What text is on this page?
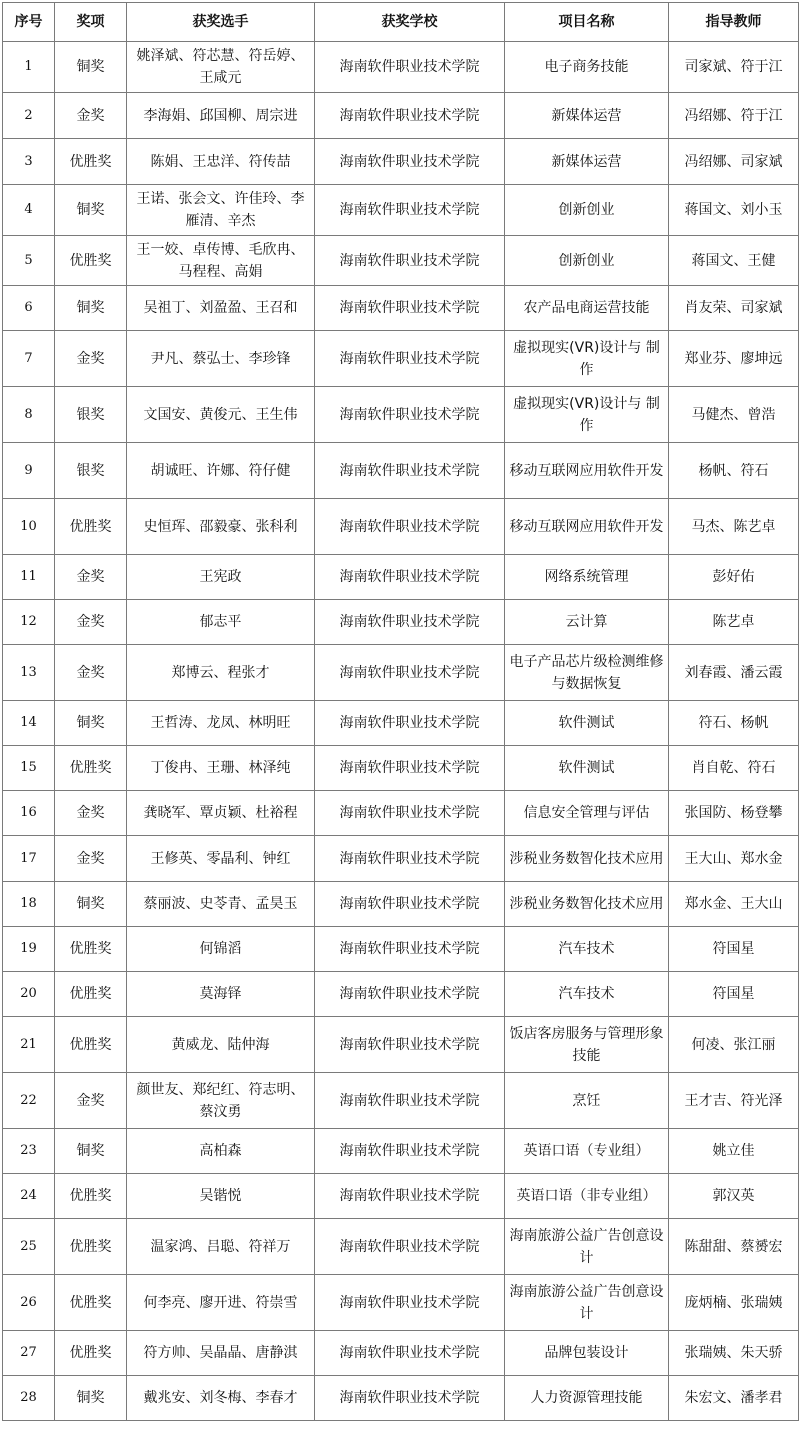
序号	奖项	获奖选手	获奖学校	项目名称	指导教师
1	铜奖	姚泽斌、符芯慧、符岳婷、王咸元	海南软件职业技术学院	电子商务技能	司家斌、符于江
2	金奖	李海娟、邱国柳、周宗进	海南软件职业技术学院	新媒体运营	冯绍娜、符于江
3	优胜奖	陈娟、王忠洋、符传喆	海南软件职业技术学院	新媒体运营	冯绍娜、司家斌
4	铜奖	王诺、张会文、许佳玲、李雁清、辛杰	海南软件职业技术学院	创新创业	蒋国文、刘小玉
5	优胜奖	王一姣、卓传博、毛欣冉、马程程、高娟	海南软件职业技术学院	创新创业	蒋国文、王健
6	铜奖	吴祖丁、刘盈盈、王召和	海南软件职业技术学院	农产品电商运营技能	肖友荣、司家斌
7	金奖	尹凡、蔡弘士、李珍锋	海南软件职业技术学院	虚拟现实(VR)设计与 制作	郑业芬、廖坤远
8	银奖	文国安、黄俊元、王生伟	海南软件职业技术学院	虚拟现实(VR)设计与 制作	马健杰、曾浩
9	银奖	胡诚旺、许娜、符仔健	海南软件职业技术学院	移动互联网应用软件开发	杨帆、符石
10	优胜奖	史恒珲、邵毅豪、张科利	海南软件职业技术学院	移动互联网应用软件开发	马杰、陈艺卓
11	金奖	王宪政	海南软件职业技术学院	网络系统管理	彭好佑
12	金奖	郁志平	海南软件职业技术学院	云计算	陈艺卓
13	金奖	郑博云、程张才	海南软件职业技术学院	电子产品芯片级检测维修与数据恢复	刘春霞、潘云霞
14	铜奖	王哲涛、龙凤、林明旺	海南软件职业技术学院	软件测试	符石、杨帆
15	优胜奖	丁俊冉、王珊、林泽纯	海南软件职业技术学院	软件测试	肖自乾、符石
16	金奖	龚晓军、覃贞颖、杜裕程	海南软件职业技术学院	信息安全管理与评估	张国防、杨登攀
17	金奖	王修英、零晶利、钟红	海南软件职业技术学院	涉税业务数智化技术应用	王大山、郑水金
18	铜奖	蔡丽波、史苓青、孟昊玉	海南软件职业技术学院	涉税业务数智化技术应用	郑水金、王大山
19	优胜奖	何锦滔	海南软件职业技术学院	汽车技术	符国星
20	优胜奖	莫海铎	海南软件职业技术学院	汽车技术	符国星
21	优胜奖	黄威龙、陆仲海	海南软件职业技术学院	饭店客房服务与管理形象技能	何凌、张江丽
22	金奖	颜世友、郑纪红、符志明、蔡汶勇	海南软件职业技术学院	烹饪	王才吉、符光泽
23	铜奖	高柏森	海南软件职业技术学院	英语口语（专业组）	姚立佳
24	优胜奖	吴锴悦	海南软件职业技术学院	英语口语（非专业组）	郭汉英
25	优胜奖	温家鸿、吕聪、符祥万	海南软件职业技术学院	海南旅游公益广告创意设计	陈甜甜、蔡赟宏
26	优胜奖	何李亮、廖开进、符崇雪	海南软件职业技术学院	海南旅游公益广告创意设计	庞炳楠、张瑞姨
27	优胜奖	符方帅、吴晶晶、唐静淇	海南软件职业技术学院	品牌包装设计	张瑞姨、朱天骄
28	铜奖	戴兆安、刘冬梅、李春才	海南软件职业技术学院	人力资源管理技能	朱宏文、潘孝君
